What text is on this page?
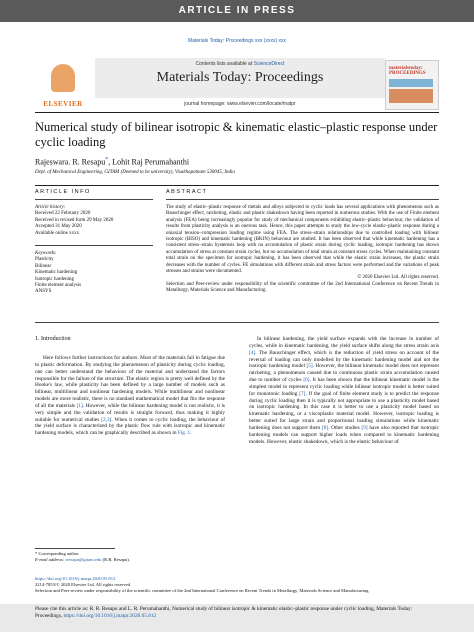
ARTICLE IN PRESS
Materials Today: Proceedings xxx (xxxx) xxx
ELSEVIER
Contents lists available at ScienceDirect
Materials Today: Proceedings
journal homepage: www.elsevier.com/locate/matpr
materialstoday: PROCEEDINGS
Numerical study of bilinear isotropic & kinematic elastic–plastic response under cyclic loading
Rajeswara. R. Resapu*, Lohit Raj Perumahanthi
Dept. of Mechanical Engineering, GITAM (Deemed to be university), Visakhapatnam 530045, India
ARTICLE INFO	ABSTRACT
Article history:
Received 22 February 2020
Received in revised form 29 May 2020
Accepted 31 May 2020
Available online xxxx
Keywords:
Plasticity
Bilinear
Kinematic hardening
Isotropic hardening
Finite element analysis
ANSYS
The study of elastic–plastic response of metals and alloys subjected to cyclic loads has several applications with phenomenon such as Bauschinger effect, ratcheting, elastic and plastic shakedown having been reported in numerous studies. With the use of Finite element analysis (FEA) being increasingly popular for study of mechanical components exhibiting elastic–plastic behaviour, the validation of results from plasticity analysis is an onerous task. Hence, this paper attempts to study the low-cycle elastic–plastic response during a uniaxial tension–compression loading regime using FEA. The stress–strain relationships due to controlled loading with bilinear isotropic (BISO) and kinematic hardening (BKIN) behaviour are studied. It has been observed that while kinematic hardening has a consistent stress–strain hysteresis loop with no accumulation of plastic strain during cyclic loading, isotropic hardening has shown accumulation of stress at constant strain cycles, but no accumulation of total strain at constant stress cycles. When maintaining constant total strain on the specimen for isotropic hardening, it has been observed that while the elastic strain increases, the plastic strain decreases with the number of cycles. FE simulations with different strain and stress factors were performed and the variations of peak stresses and strains were documented.
© 2020 Elsevier Ltd. All rights reserved.
Selection and Peer-review under responsibility of the scientific committee of the 2nd International Conference on Recent Trends in Metallurgy, Materials Science and Manufacturing.
1. Introduction

Here follows further instructions for authors. Most of the materials fail in fatigue due to plastic deformation. By studying the phenomenon of plasticity during cyclic loading, one can better understand the behaviour of the material and understand the factors responsible for the failure of the structure. The elastic region is pretty well defined by the Hooke's law, while plasticity has been defined by a large number of models such as bilinear, multilinear and nonlinear hardening models. While multilinear and nonlinear models are more realistic, there is no standard mathematical model that fits the response of all the materials [1]. However, while the bilinear hardening model is not realistic, it is very simple and the validation of results is straight forward, thus making it highly suitable for numerical studies [2,3]. When it comes to cyclic loading, the behaviour of the yield surface is characterized by the plastic flow rule with isotropic and kinematic hardening models, which can be graphically described as shown in Fig. 1.

In bilinear hardening, the yield surface expands with the increase in number of cycles, while in kinematic hardening, the yield surface shifts along the stress strain axis [4]. The Bauschinger effect, which is the reduction of yield stress on account of the reversal of loading can only modelled by the kinematic hardening model and not the isotropic hardening model [5]. However, the bilinear kinematic model does not represent ratcheting, a phenomenon caused due to continuous plastic strain accumulation caused due to number of cycles [6]. It has been shown that the bilinear kinematic model is the simplest model to represent cyclic loading while bilinear isotropic model is better suited for monotonic loading [7]. If the goal of finite element study is to predict the response during cyclic loading then it is typically not appropriate to use a plasticity model based on isotropic hardening. In this case it is better to use a plasticity model based on kinematic hardening, or a viscoplastic material model. However, isotropic loading is better suited for large strain and proportional loading simulations while kinematic hardening does not support them [8]. Other studies [9] have also reported that isotropic hardening models can support higher loads when compared to kinematic hardening models. However, elastic shakedown, which is the elastic behaviour of

* Corresponding author.
E-mail address: rresapu@gitam.edu (R.R. Resapu).
https://doi.org/10.1016/j.matpr.2020.05.812
2214-7853/© 2020 Elsevier Ltd. All rights reserved.
Selection and Peer-review under responsibility of the scientific committee of the 2nd International Conference on Recent Trends in Metallurgy, Materials Science and Manufacturing.
Please cite this article as: R. R. Resapu and L. R. Perumahanthi, Numerical study of bilinear isotropic & kinematic elastic–plastic response under cyclic loading, Materials Today: Proceedings, https://doi.org/10.1016/j.matpr.2020.05.812
